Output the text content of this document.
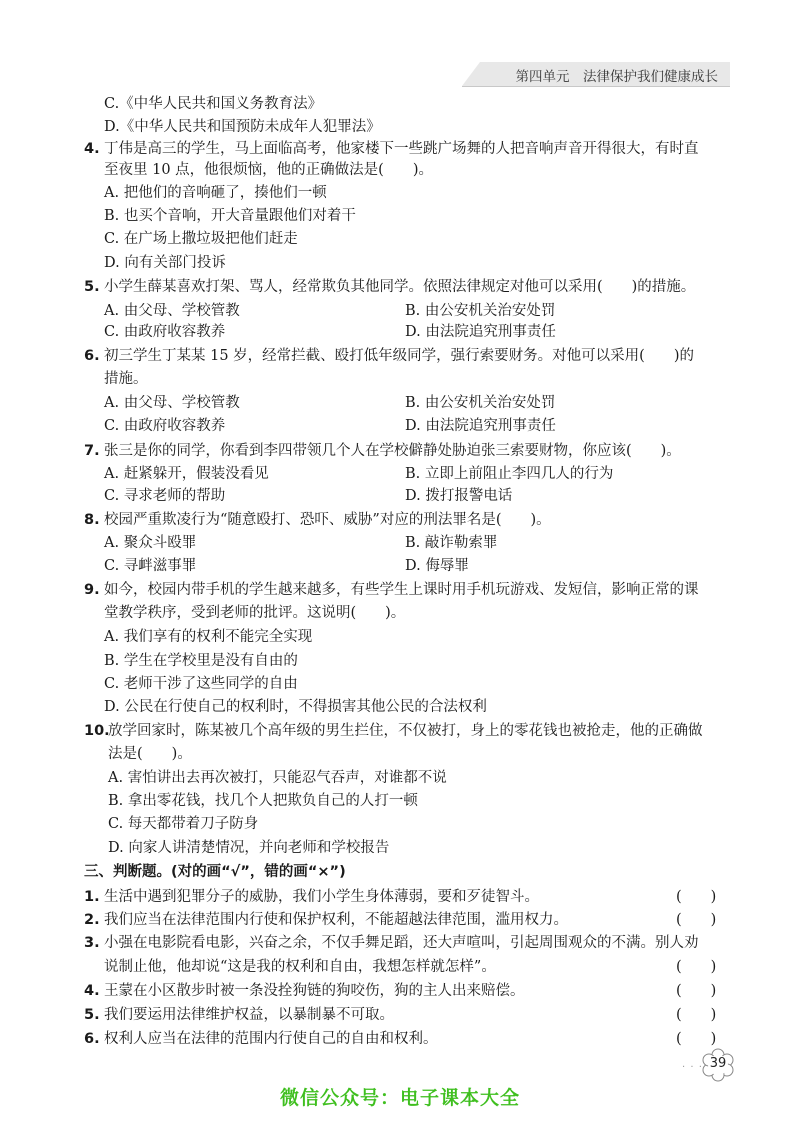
第四单元　法律保护我们健康成长
C.《中华人民共和国义务教育法》
D.《中华人民共和国预防未成年人犯罪法》
4. 丁伟是高三的学生，马上面临高考，他家楼下一些跳广场舞的人把音响声音开得很大，有时直
至夜里 10 点，他很烦恼，他的正确做法是(　　)。
A. 把他们的音响砸了，揍他们一顿
B. 也买个音响，开大音量跟他们对着干
C. 在广场上撒垃圾把他们赶走
D. 向有关部门投诉
5. 小学生薛某喜欢打架、骂人，经常欺负其他同学。依照法律规定对他可以采用(　　)的措施。
A. 由父母、学校管教	B. 由公安机关治安处罚
C. 由政府收容教养	D. 由法院追究刑事责任
6. 初三学生丁某某 15 岁，经常拦截、殴打低年级同学，强行索要财务。对他可以采用(　　)的
措施。
A. 由父母、学校管教	B. 由公安机关治安处罚
C. 由政府收容教养	D. 由法院追究刑事责任
7. 张三是你的同学，你看到李四带领几个人在学校僻静处胁迫张三索要财物，你应该(　　)。
A. 赶紧躲开，假装没看见	B. 立即上前阻止李四几人的行为
C. 寻求老师的帮助	D. 拨打报警电话
8. 校园严重欺凌行为“随意殴打、恐吓、威胁”对应的刑法罪名是(　　)。
A. 聚众斗殴罪	B. 敲诈勒索罪
C. 寻衅滋事罪	D. 侮辱罪
9. 如今，校园内带手机的学生越来越多，有些学生上课时用手机玩游戏、发短信，影响正常的课
堂教学秩序，受到老师的批评。这说明(　　)。
A. 我们享有的权利不能完全实现
B. 学生在学校里是没有自由的
C. 老师干涉了这些同学的自由
D. 公民在行使自己的权利时，不得损害其他公民的合法权利
10.放学回家时，陈某被几个高年级的男生拦住，不仅被打，身上的零花钱也被抢走，他的正确做
法是(　　)。
A. 害怕讲出去再次被打，只能忍气吞声，对谁都不说
B. 拿出零花钱，找几个人把欺负自己的人打一顿
C. 每天都带着刀子防身
D. 向家人讲清楚情况，并向老师和学校报告
三、判断题。(对的画“√”，错的画“×”)
1. 生活中遇到犯罪分子的威胁，我们小学生身体薄弱，要和歹徒智斗。	(　　)
2. 我们应当在法律范围内行使和保护权利，不能超越法律范围，滥用权力。	(　　)
3. 小强在电影院看电影，兴奋之余，不仅手舞足蹈，还大声喧叫，引起周围观众的不满。别人劝
说制止他，他却说“这是我的权利和自由，我想怎样就怎样”。	(　　)
4. 王蒙在小区散步时被一条没拴狗链的狗咬伤，狗的主人出来赔偿。	(　　)
5. 我们要运用法律维护权益，以暴制暴不可取。	(　　)
6. 权利人应当在法律的范围内行使自己的自由和权利。	(　　)
· · · 39
微信公众号：电子课本大全
